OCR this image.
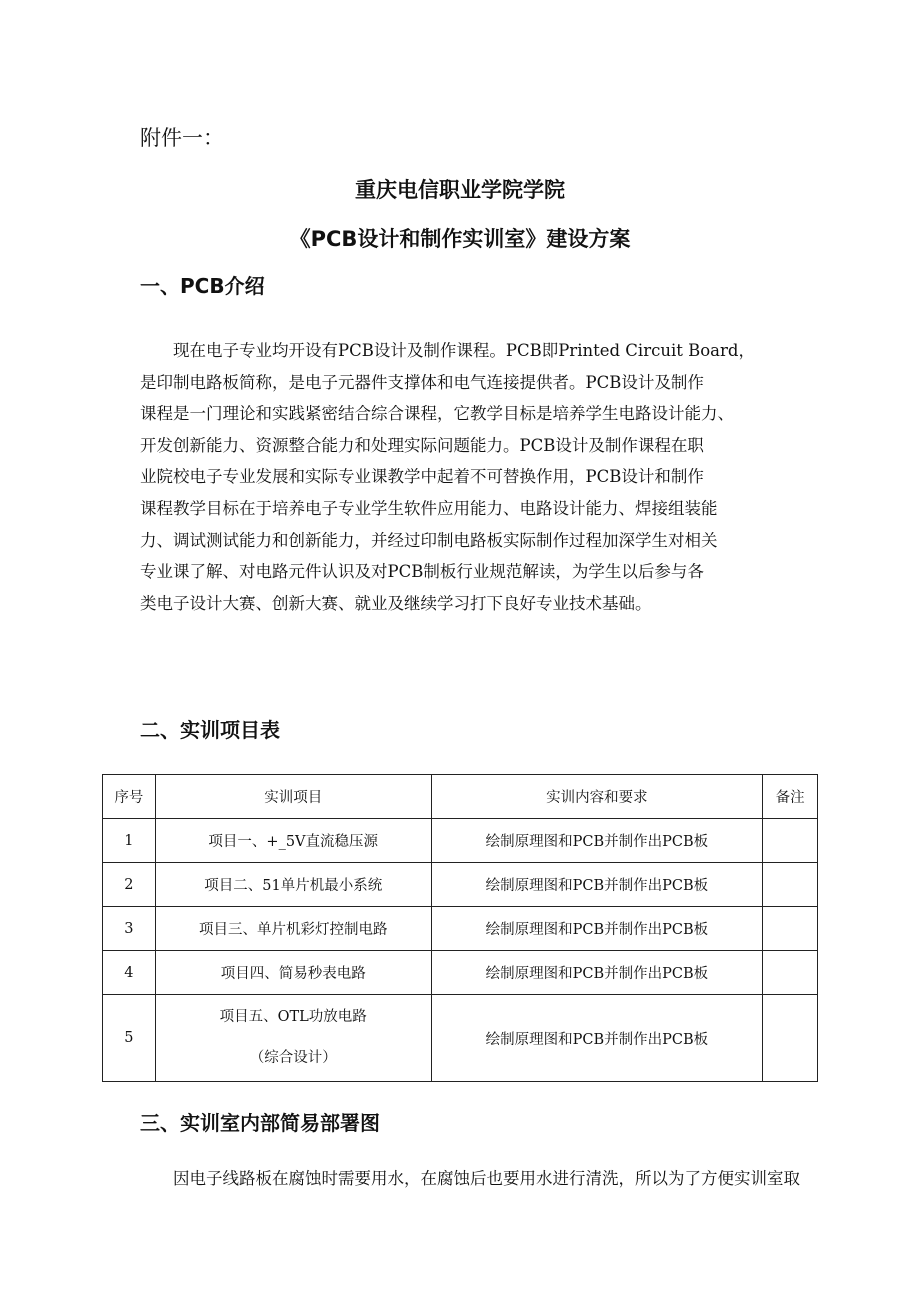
附件一：
重庆电信职业学院学院
《PCB设计和制作实训室》建设方案
一、PCB介绍
现在电子专业均开设有PCB设计及制作课程。PCB即Printed Circuit Board，
是印制电路板简称，是电子元器件支撑体和电气连接提供者。PCB设计及制作
课程是一门理论和实践紧密结合综合课程，它教学目标是培养学生电路设计能力、
开发创新能力、资源整合能力和处理实际问题能力。PCB设计及制作课程在职
业院校电子专业发展和实际专业课教学中起着不可替换作用，PCB设计和制作
课程教学目标在于培养电子专业学生软件应用能力、电路设计能力、焊接组装能
力、调试测试能力和创新能力，并经过印制电路板实际制作过程加深学生对相关
专业课了解、对电路元件认识及对PCB制板行业规范解读，为学生以后参与各
类电子设计大赛、创新大赛、就业及继续学习打下良好专业技术基础。
二、实训项目表
序号	实训项目	实训内容和要求	备注
1	项目一、+_5V直流稳压源	绘制原理图和PCB并制作出PCB板	
2	项目二、51单片机最小系统	绘制原理图和PCB并制作出PCB板	
3	项目三、单片机彩灯控制电路	绘制原理图和PCB并制作出PCB板	
4	项目四、简易秒表电路	绘制原理图和PCB并制作出PCB板	
5	项目五、OTL功放电路
（综合设计）	绘制原理图和PCB并制作出PCB板	
三、实训室内部简易部署图
因电子线路板在腐蚀时需要用水，在腐蚀后也要用水进行清洗，所以为了方便实训室取
